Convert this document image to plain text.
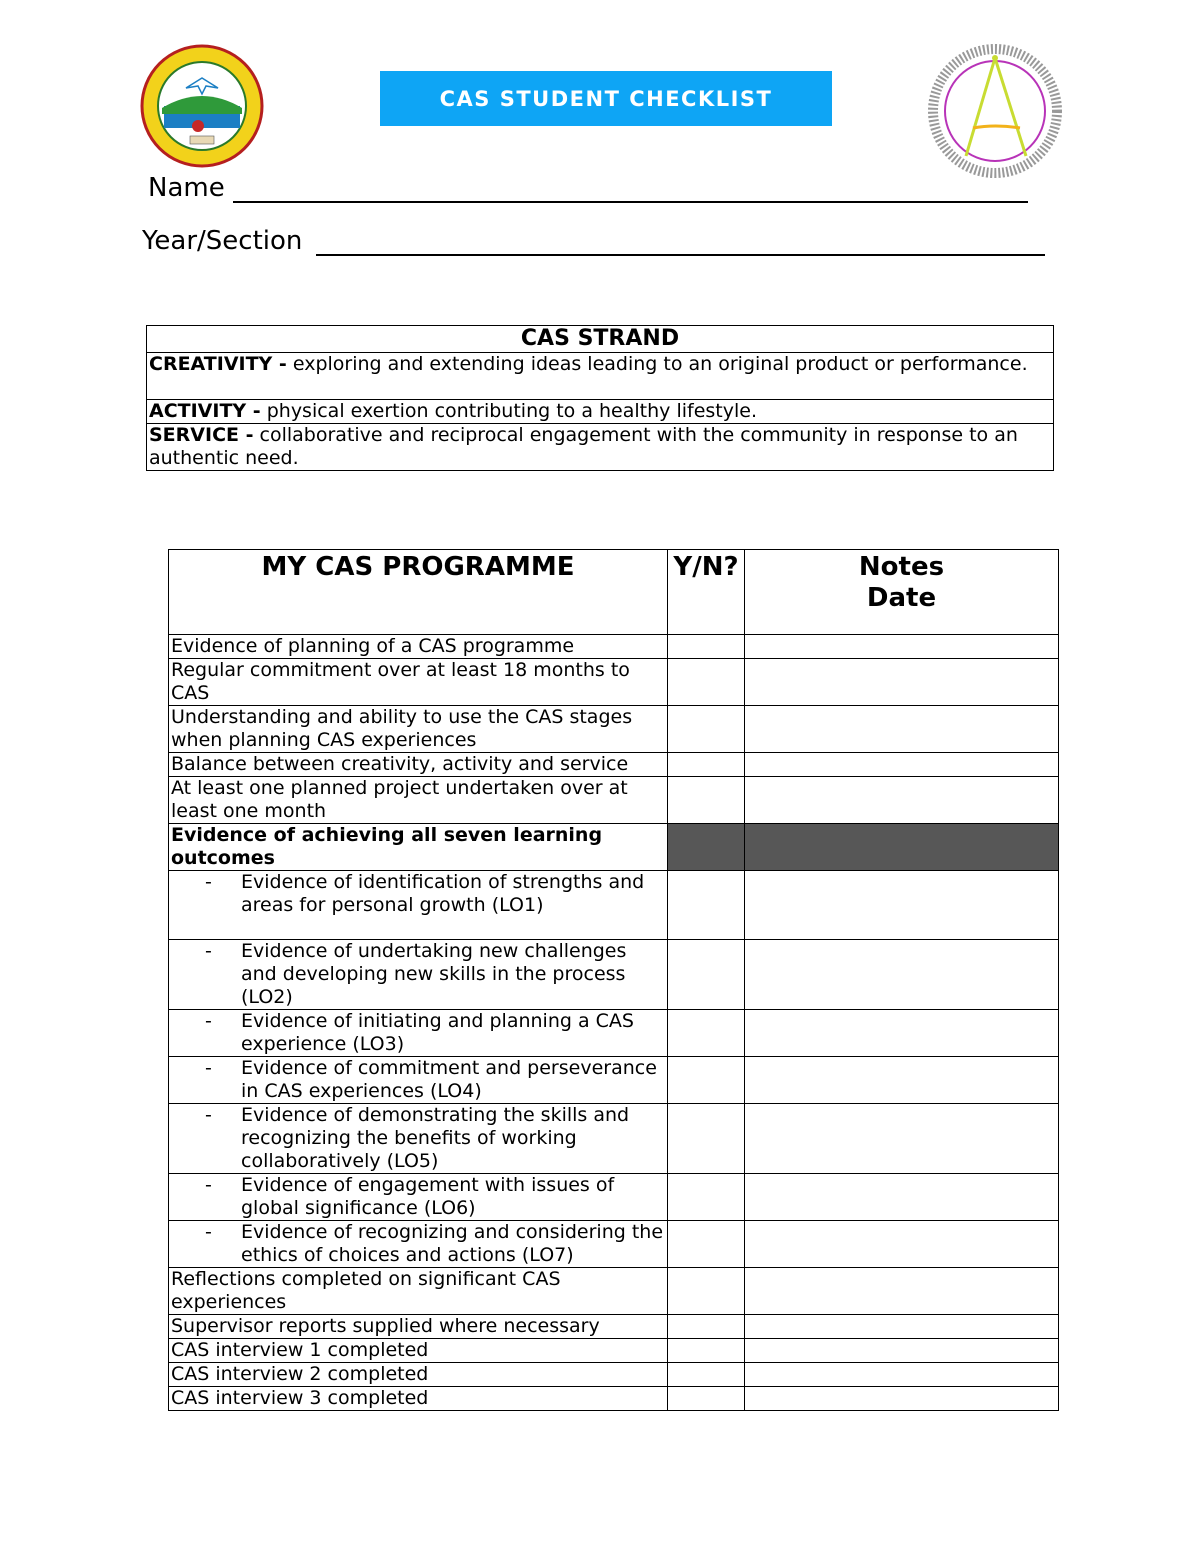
CAS STUDENT CHECKLIST
Name
Year/Section
CAS STRAND
CREATIVITY - exploring and extending ideas leading to an original product or performance.
ACTIVITY - physical exertion contributing to a healthy lifestyle.
SERVICE - collaborative and reciprocal engagement with the community in response to an authentic need.
MY CAS PROGRAMME	Y/N?	Notes
Date

Evidence of planning of a CAS programme		
Regular commitment over at least 18 months to CAS		
Understanding and ability to use the CAS stages when planning CAS experiences		
Balance between creativity, activity and service		
At least one planned project undertaken over at least one month		
Evidence of achieving all seven learning outcomes		

- Evidence of identification of strengths and areas for personal growth (LO1)		

- Evidence of undertaking new challenges and developing new skills in the process (LO2)		

- Evidence of initiating and planning a CAS experience (LO3)		

- Evidence of commitment and perseverance in CAS experiences (LO4)		

- Evidence of demonstrating the skills and recognizing the benefits of working collaboratively (LO5)		

- Evidence of engagement with issues of global significance (LO6)		

- Evidence of recognizing and considering the ethics of choices and actions (LO7)		

Reflections completed on significant CAS experiences		
Supervisor reports supplied where necessary		
CAS interview 1 completed		
CAS interview 2 completed		
CAS interview 3 completed		
